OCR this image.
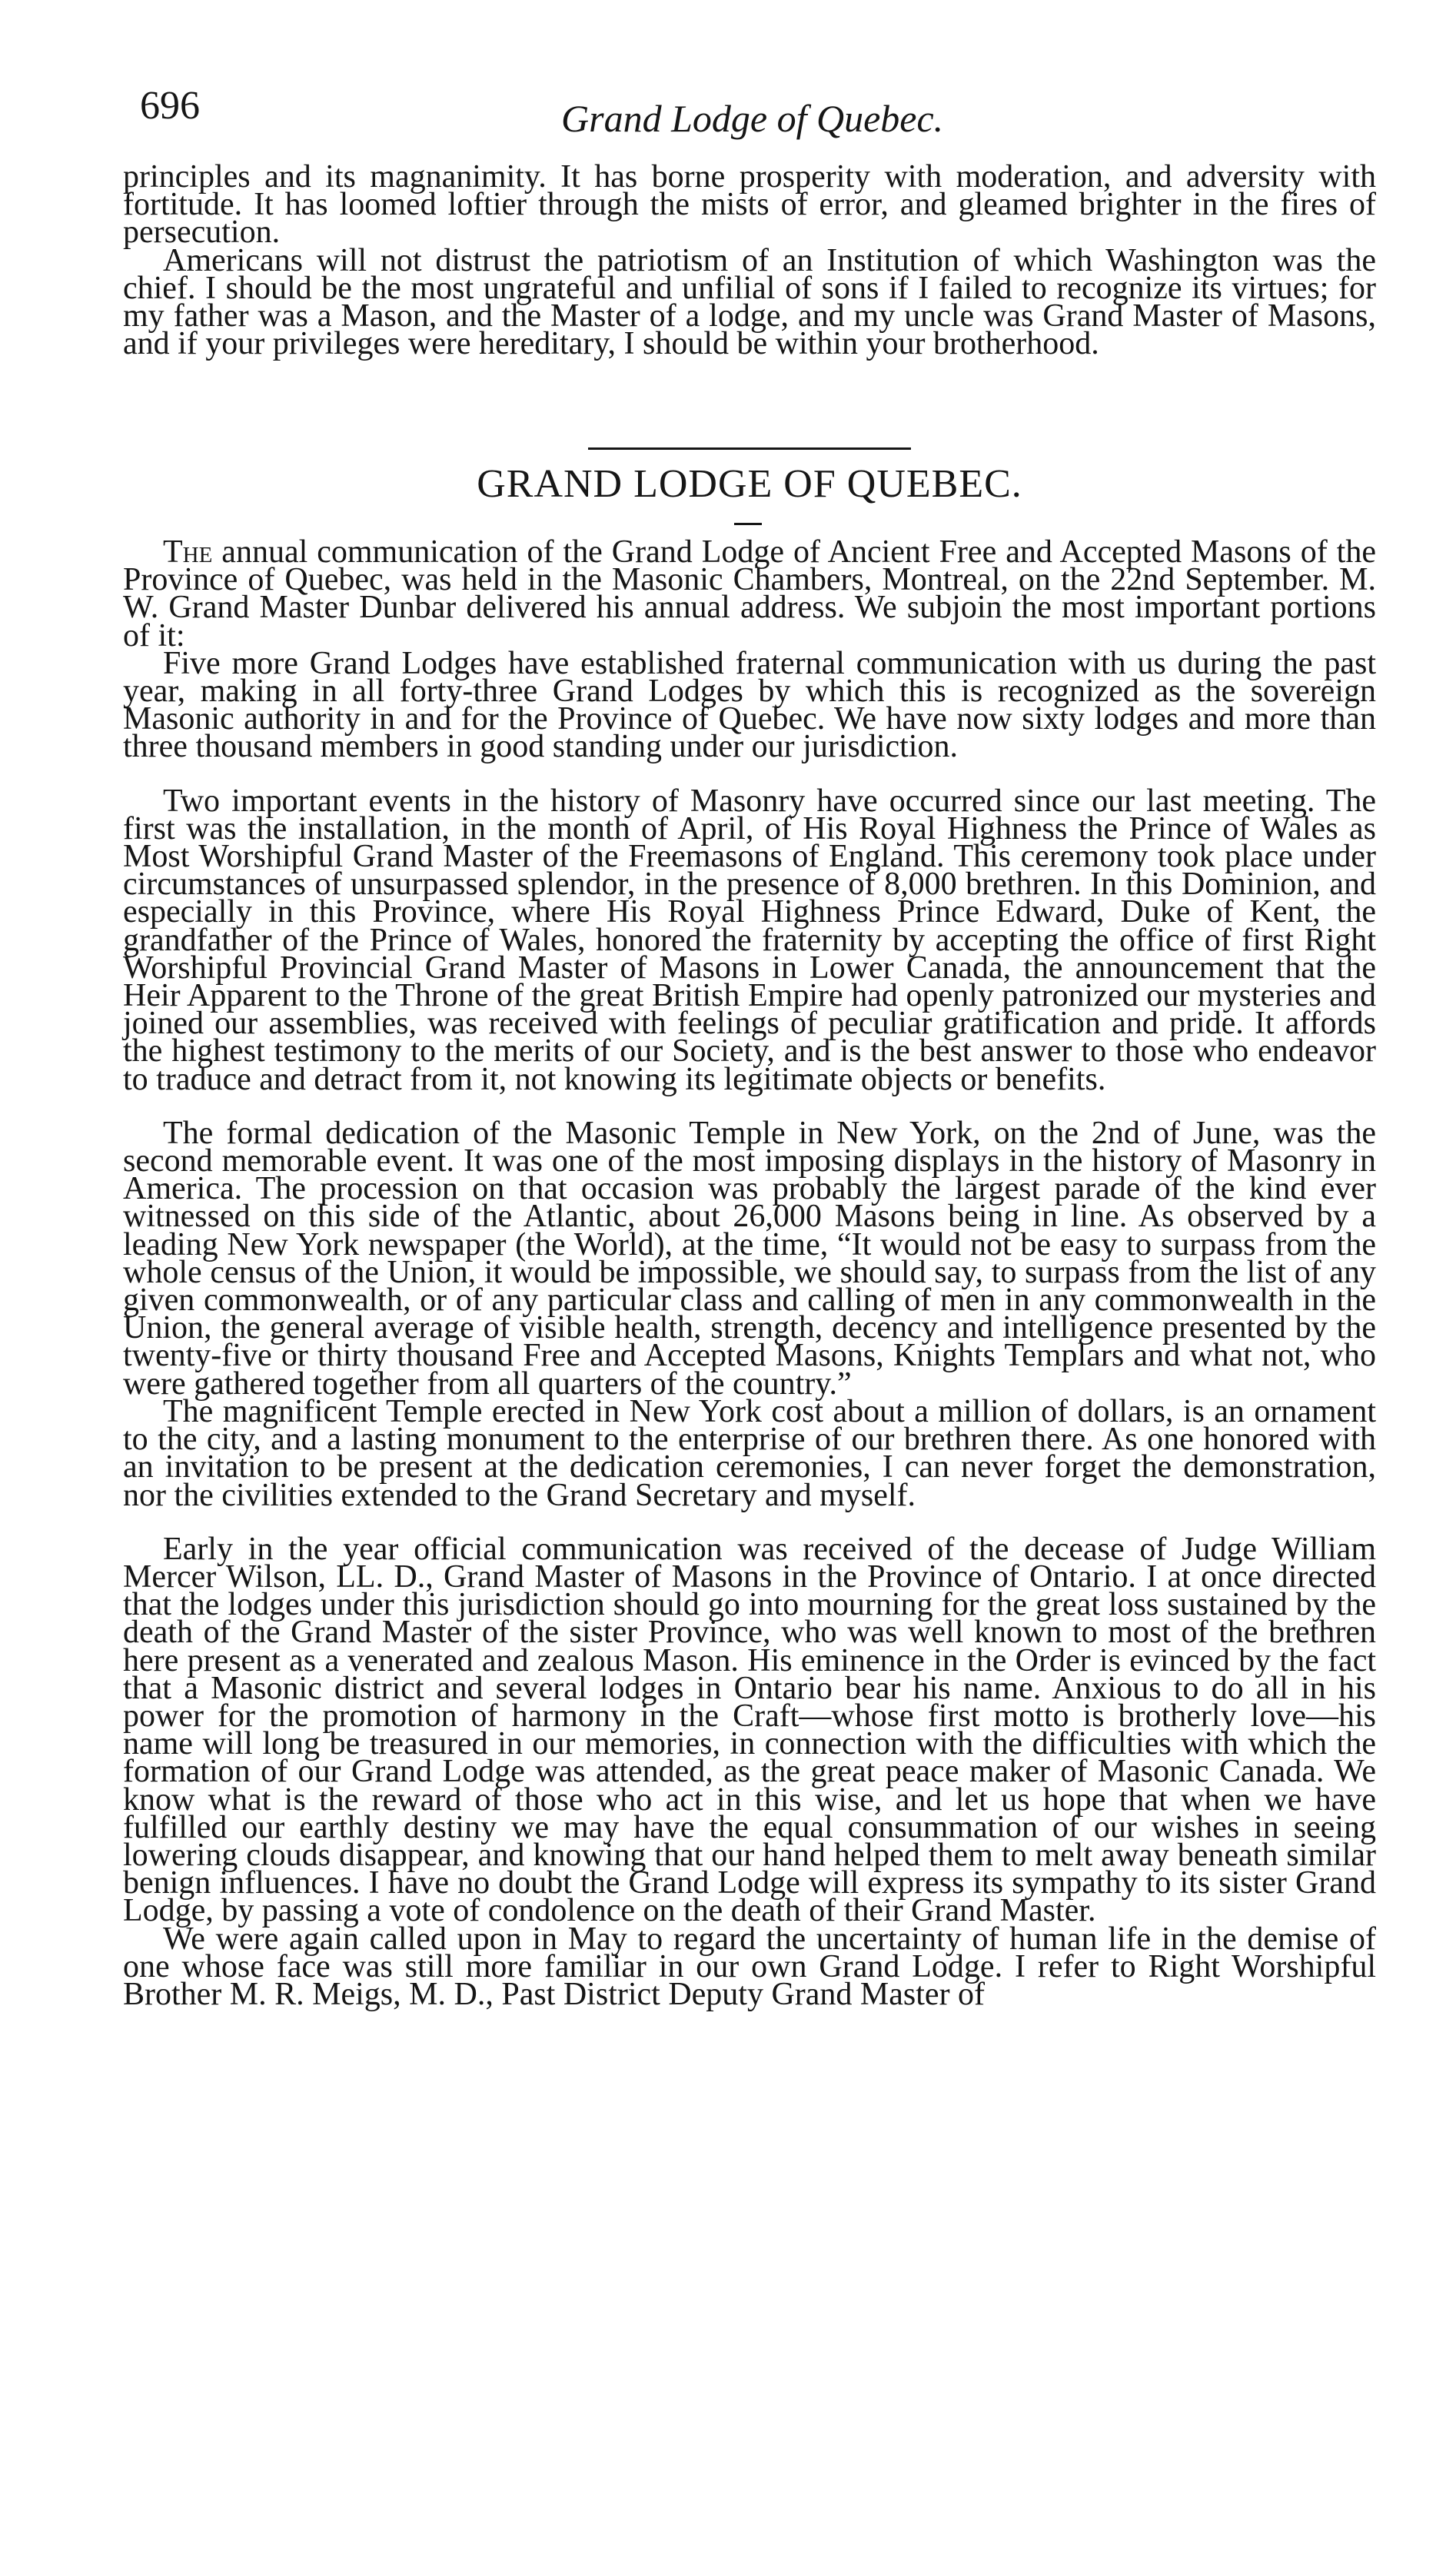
696	Grand Lodge of Quebec.

principles and its magnanimity. It has borne prosperity with moderation, and adversity with fortitude. It has loomed loftier through the mists of error, and gleamed brighter in the fires of persecution.

Americans will not distrust the patriotism of an Institution of which Washington was the chief. I should be the most ungrateful and unfilial of sons if I failed to recognize its virtues; for my father was a Mason, and the Master of a lodge, and my uncle was Grand Master of Masons, and if your privileges were hereditary, I should be within your brotherhood.

GRAND LODGE OF QUEBEC.

The annual communication of the Grand Lodge of Ancient Free and Accepted Masons of the Province of Quebec, was held in the Masonic Chambers, Montreal, on the 22nd September. M. W. Grand Master Dunbar delivered his annual address. We subjoin the most important portions of it:

Five more Grand Lodges have established fraternal communication with us during the past year, making in all forty-three Grand Lodges by which this is recognized as the sovereign Masonic authority in and for the Province of Quebec. We have now sixty lodges and more than three thousand members in good standing under our jurisdiction.

Two important events in the history of Masonry have occurred since our last meeting. The first was the installation, in the month of April, of His Royal Highness the Prince of Wales as Most Worshipful Grand Master of the Freemasons of England. This ceremony took place under circumstances of unsurpassed splendor, in the presence of 8,000 brethren. In this Dominion, and especially in this Province, where His Royal Highness Prince Edward, Duke of Kent, the grandfather of the Prince of Wales, honored the fraternity by accepting the office of first Right Worshipful Provincial Grand Master of Masons in Lower Canada, the announcement that the Heir Apparent to the Throne of the great British Empire had openly patronized our mysteries and joined our assemblies, was received with feelings of peculiar gratification and pride. It affords the highest testimony to the merits of our Society, and is the best answer to those who endeavor to traduce and detract from it, not knowing its legitimate objects or benefits.

The formal dedication of the Masonic Temple in New York, on the 2nd of June, was the second memorable event. It was one of the most imposing displays in the history of Masonry in America. The procession on that occasion was probably the largest parade of the kind ever witnessed on this side of the Atlantic, about 26,000 Masons being in line. As observed by a leading New York newspaper (the World), at the time, “It would not be easy to surpass from the whole census of the Union, it would be impossible, we should say, to surpass from the list of any given commonwealth, or of any particular class and calling of men in any commonwealth in the Union, the general average of visible health, strength, decency and intelligence presented by the twenty-five or thirty thousand Free and Accepted Masons, Knights Templars and what not, who were gathered together from all quarters of the country.”

The magnificent Temple erected in New York cost about a million of dollars, is an ornament to the city, and a lasting monument to the enterprise of our brethren there. As one honored with an invitation to be present at the dedication ceremonies, I can never forget the demonstration, nor the civilities extended to the Grand Secretary and myself.

Early in the year official communication was received of the decease of Judge William Mercer Wilson, LL. D., Grand Master of Masons in the Province of Ontario. I at once directed that the lodges under this jurisdiction should go into mourning for the great loss sustained by the death of the Grand Master of the sister Province, who was well known to most of the brethren here present as a venerated and zealous Mason. His eminence in the Order is evinced by the fact that a Masonic district and several lodges in Ontario bear his name. Anxious to do all in his power for the promotion of harmony in the Craft—whose first motto is brotherly love—his name will long be treasured in our memories, in connection with the difficulties with which the formation of our Grand Lodge was attended, as the great peace maker of Masonic Canada. We know what is the reward of those who act in this wise, and let us hope that when we have fulfilled our earthly destiny we may have the equal consummation of our wishes in seeing lowering clouds disappear, and knowing that our hand helped them to melt away beneath similar benign influences. I have no doubt the Grand Lodge will express its sympathy to its sister Grand Lodge, by passing a vote of condolence on the death of their Grand Master.

We were again called upon in May to regard the uncertainty of human life in the demise of one whose face was still more familiar in our own Grand Lodge. I refer to Right Worshipful Brother M. R. Meigs, M. D., Past District Deputy Grand Master of
